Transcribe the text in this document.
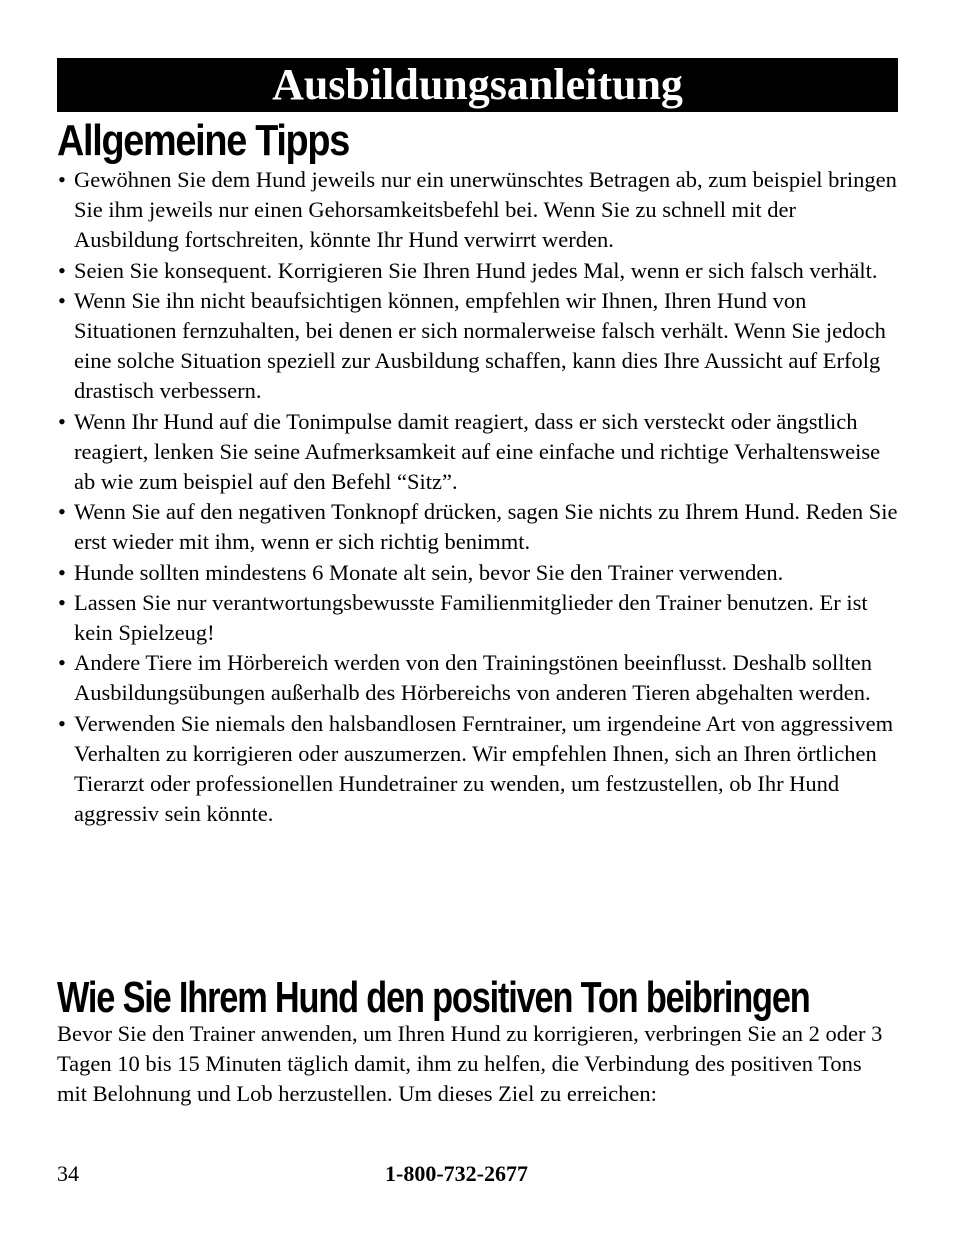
Ausbildungsanleitung
Allgemeine Tipps
• Gewöhnen Sie dem Hund jeweils nur ein unerwünschtes Betragen ab, zum beispiel bringen Sie ihm jeweils nur einen Gehorsamkeitsbefehl bei. Wenn Sie zu schnell mit der Ausbildung fortschreiten, könnte Ihr Hund verwirrt werden.
• Seien Sie konsequent. Korrigieren Sie Ihren Hund jedes Mal, wenn er sich falsch verhält.
• Wenn Sie ihn nicht beaufsichtigen können, empfehlen wir Ihnen, Ihren Hund von Situationen fernzuhalten, bei denen er sich normalerweise falsch verhält. Wenn Sie jedoch eine solche Situation speziell zur Ausbildung schaffen, kann dies Ihre Aussicht auf Erfolg drastisch verbessern.
• Wenn Ihr Hund auf die Tonimpulse damit reagiert, dass er sich versteckt oder ängstlich reagiert, lenken Sie seine Aufmerksamkeit auf eine einfache und richtige Verhaltensweise ab wie zum beispiel auf den Befehl “Sitz”.
• Wenn Sie auf den negativen Tonknopf drücken, sagen Sie nichts zu Ihrem Hund. Reden Sie erst wieder mit ihm, wenn er sich richtig benimmt.
• Hunde sollten mindestens 6 Monate alt sein, bevor Sie den Trainer verwenden.
• Lassen Sie nur verantwortungsbewusste Familienmitglieder den Trainer benutzen. Er ist kein Spielzeug!
• Andere Tiere im Hörbereich werden von den Trainingstönen beeinflusst. Deshalb sollten Ausbildungsübungen außerhalb des Hörbereichs von anderen Tieren abgehalten werden.
• Verwenden Sie niemals den halsbandlosen Ferntrainer, um irgendeine Art von aggressivem Verhalten zu korrigieren oder auszumerzen. Wir empfehlen Ihnen, sich an Ihren örtlichen Tierarzt oder professionellen Hundetrainer zu wenden, um festzustellen, ob Ihr Hund aggressiv sein könnte.
Wie Sie Ihrem Hund den positiven Ton beibringen

Bevor Sie den Trainer anwenden, um Ihren Hund zu korrigieren, verbringen Sie an 2 oder 3 Tagen 10 bis 15 Minuten täglich damit, ihm zu helfen, die Verbindung des positiven Tons mit Belohnung und Lob herzustellen. Um dieses Ziel zu erreichen:

34	1-800-732-2677
